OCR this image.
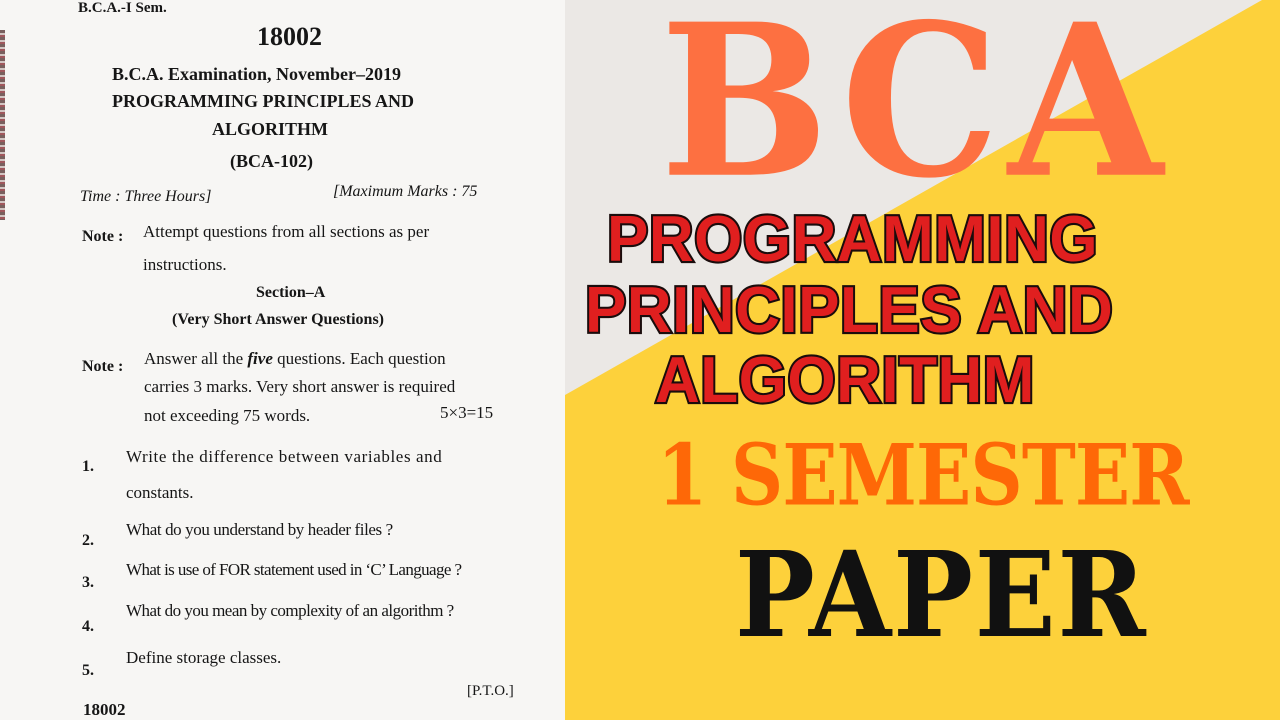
B.C.A.-I Sem.
18002
B.C.A. Examination, November–2019
PROGRAMMING PRINCIPLES AND
ALGORITHM
(BCA-102)
Time : Three Hours]	[Maximum Marks : 75
Note : Attempt questions from all sections as per
instructions.
Section–A
(Very Short Answer Questions)
Note : Answer all the five questions. Each question
carries 3 marks. Very short answer is required
not exceeding 75 words.	5×3=15
1.
Write the difference between variables and
constants.
2.
What do you understand by header files ?
3.
What is use of FOR statement used in ‘C’ Language ?
4.
What do you mean by complexity of an algorithm ?
5.
Define storage classes.
[P.T.O.]
18002
BCA
PROGRAMMING
PRINCIPLES AND
ALGORITHM
1 SEMESTER
PAPER
